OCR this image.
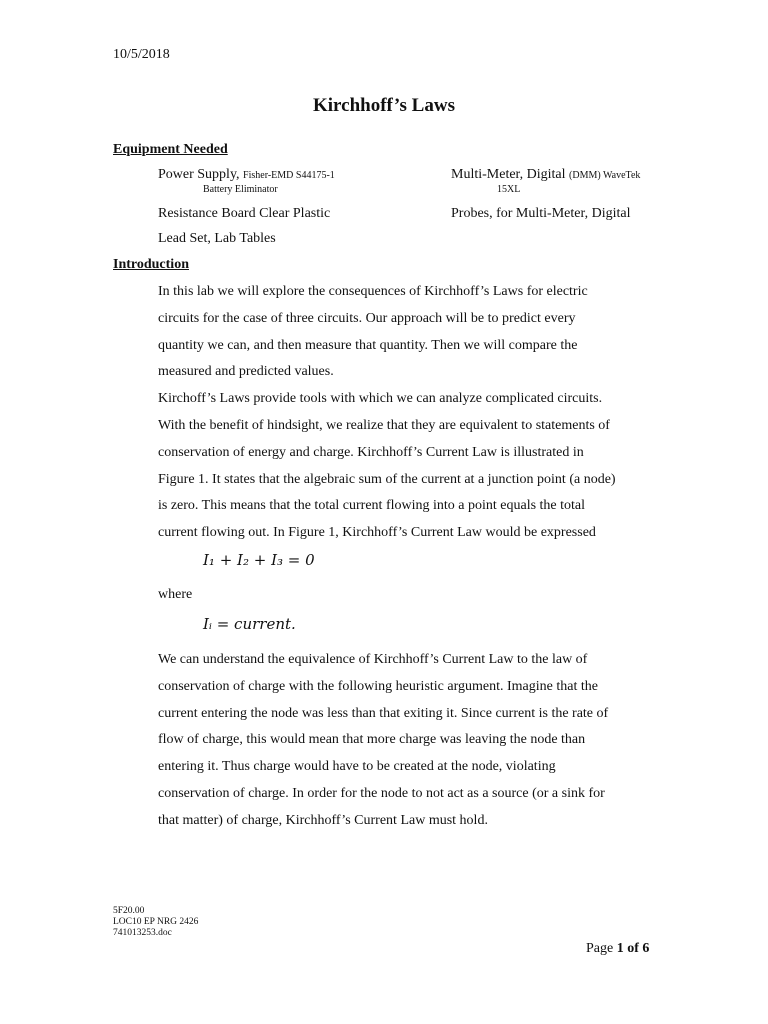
10/5/2018
Kirchhoff’s Laws
Equipment Needed
Power Supply, Fisher-EMD S44175-1
Battery Eliminator
Multi-Meter, Digital (DMM) WaveTek
15XL
Resistance Board Clear Plastic	Probes, for Multi-Meter, Digital
Lead Set, Lab Tables
Introduction

In this lab we will explore the consequences of Kirchhoff’s Laws for electric

circuits for the case of three circuits. Our approach will be to predict every

quantity we can, and then measure that quantity. Then we will compare the

measured and predicted values.

Kirchoff’s Laws provide tools with which we can analyze complicated circuits.

With the benefit of hindsight, we realize that they are equivalent to statements of

conservation of energy and charge. Kirchhoff’s Current Law is illustrated in

Figure 1. It states that the algebraic sum of the current at a junction point (a node)

is zero. This means that the total current flowing into a point equals the total

current flowing out. In Figure 1, Kirchhoff’s Current Law would be expressed

I₁ + I₂ + I₃ = 0
where
Iᵢ = current.

We can understand the equivalence of Kirchhoff’s Current Law to the law of

conservation of charge with the following heuristic argument. Imagine that the

current entering the node was less than that exiting it. Since current is the rate of

flow of charge, this would mean that more charge was leaving the node than

entering it. Thus charge would have to be created at the node, violating

conservation of charge. In order for the node to not act as a source (or a sink for

that matter) of charge, Kirchhoff’s Current Law must hold.

5F20.00
LOC10 EP NRG 2426
741013253.doc
Page 1 of 6
